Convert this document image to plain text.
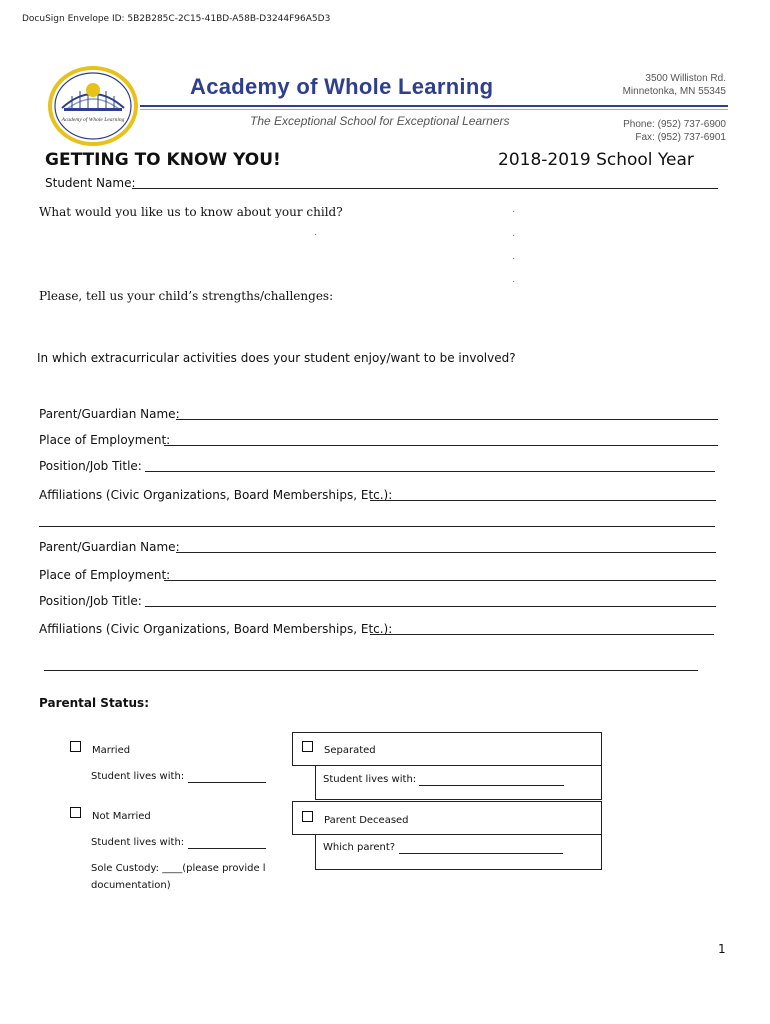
DocuSign Envelope ID: 5B2B285C-2C15-41BD-A58B-D3244F96A5D3
Academy of Whole Learning
Academy of Whole Learning
The Exceptional School for Exceptional Learners
3500 Williston Rd.
Minnetonka, MN 55345
Phone: (952) 737-6900
Fax: (952) 737-6901
GETTING TO KNOW YOU!	2018-2019 School Year
Student Name:
What would you like us to know about your child?	·
·	·
·
·
Please, tell us your child’s strengths/challenges:
In which extracurricular activities does your student enjoy/want to be involved?
Parent/Guardian Name:
Place of Employment:
Position/Job Title:
Affiliations (Civic Organizations, Board Memberships, Etc.):
Parent/Guardian Name:
Place of Employment:
Position/Job Title:
Affiliations (Civic Organizations, Board Memberships, Etc.):
Parental Status:
Married
Student lives with:
Not Married
Student lives with:
Sole Custody: ____(please provide l
documentation)
Separated
Student lives with:
Parent Deceased
Which parent?
1
